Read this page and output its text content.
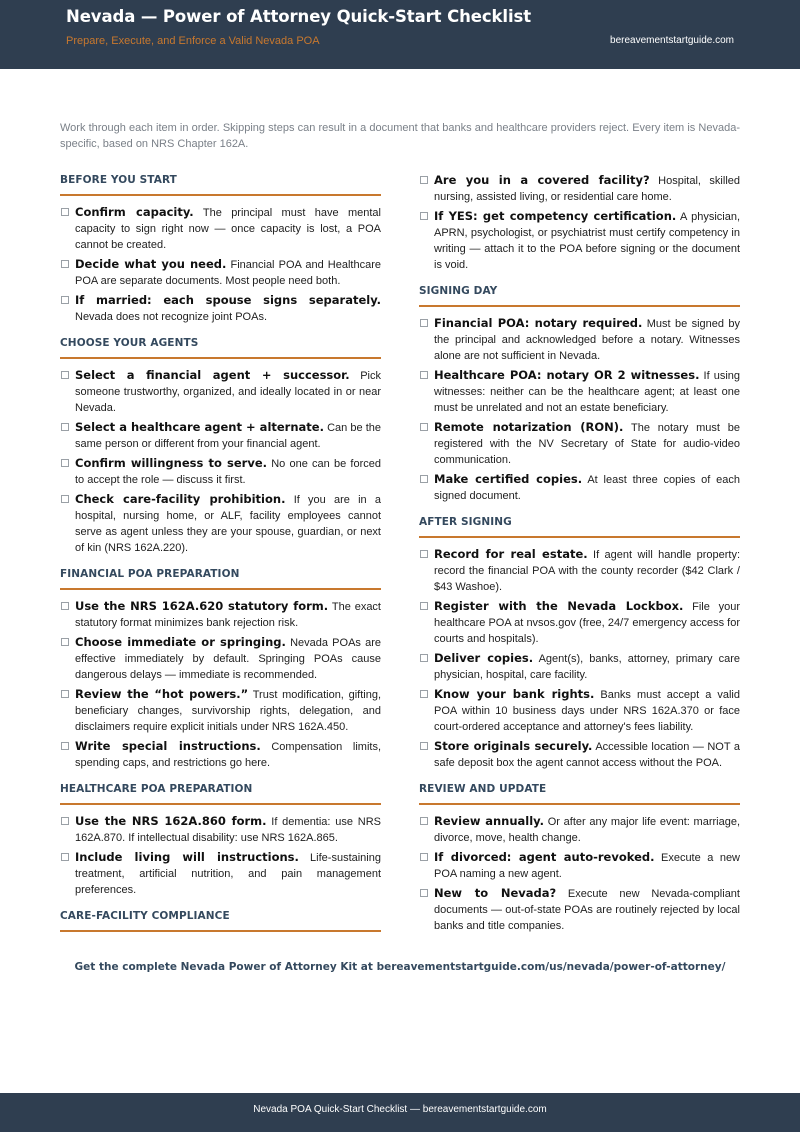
Nevada — Power of Attorney Quick-Start Checklist
Prepare, Execute, and Enforce a Valid Nevada POA	bereavementstartguide.com
Work through each item in order. Skipping steps can result in a document that banks and healthcare providers reject. Every item is Nevada-specific, based on NRS Chapter 162A.
BEFORE YOU START
Confirm capacity. The principal must have mental capacity to sign right now — once capacity is lost, a POA cannot be created.
Decide what you need. Financial POA and Healthcare POA are separate documents. Most people need both.
If married: each spouse signs separately. Nevada does not recognize joint POAs.
CHOOSE YOUR AGENTS
Select a financial agent + successor. Pick someone trustworthy, organized, and ideally located in or near Nevada.
Select a healthcare agent + alternate. Can be the same person or different from your financial agent.
Confirm willingness to serve. No one can be forced to accept the role — discuss it first.
Check care-facility prohibition. If you are in a hospital, nursing home, or ALF, facility employees cannot serve as agent unless they are your spouse, guardian, or next of kin (NRS 162A.220).
FINANCIAL POA PREPARATION
Use the NRS 162A.620 statutory form. The exact statutory format minimizes bank rejection risk.
Choose immediate or springing. Nevada POAs are effective immediately by default. Springing POAs cause dangerous delays — immediate is recommended.
Review the “hot powers.” Trust modification, gifting, beneficiary changes, survivorship rights, delegation, and disclaimers require explicit initials under NRS 162A.450.
Write special instructions. Compensation limits, spending caps, and restrictions go here.
HEALTHCARE POA PREPARATION
Use the NRS 162A.860 form. If dementia: use NRS 162A.870. If intellectual disability: use NRS 162A.865.
Include living will instructions. Life-sustaining treatment, artificial nutrition, and pain management preferences.
CARE-FACILITY COMPLIANCE
Are you in a covered facility? Hospital, skilled nursing, assisted living, or residential care home.
If YES: get competency certification. A physician, APRN, psychologist, or psychiatrist must certify competency in writing — attach it to the POA before signing or the document is void.
SIGNING DAY
Financial POA: notary required. Must be signed by the principal and acknowledged before a notary. Witnesses alone are not sufficient in Nevada.
Healthcare POA: notary OR 2 witnesses. If using witnesses: neither can be the healthcare agent; at least one must be unrelated and not an estate beneficiary.
Remote notarization (RON). The notary must be registered with the NV Secretary of State for audio-video communication.
Make certified copies. At least three copies of each signed document.
AFTER SIGNING
Record for real estate. If agent will handle property: record the financial POA with the county recorder ($42 Clark / $43 Washoe).
Register with the Nevada Lockbox. File your healthcare POA at nvsos.gov (free, 24/7 emergency access for courts and hospitals).
Deliver copies. Agent(s), banks, attorney, primary care physician, hospital, care facility.
Know your bank rights. Banks must accept a valid POA within 10 business days under NRS 162A.370 or face court-ordered acceptance and attorney's fees liability.
Store originals securely. Accessible location — NOT a safe deposit box the agent cannot access without the POA.
REVIEW AND UPDATE
Review annually. Or after any major life event: marriage, divorce, move, health change.
If divorced: agent auto-revoked. Execute a new POA naming a new agent.
New to Nevada? Execute new Nevada-compliant documents — out-of-state POAs are routinely rejected by local banks and title companies.
Get the complete Nevada Power of Attorney Kit at bereavementstartguide.com/us/nevada/power-of-attorney/
Nevada POA Quick-Start Checklist — bereavementstartguide.com
